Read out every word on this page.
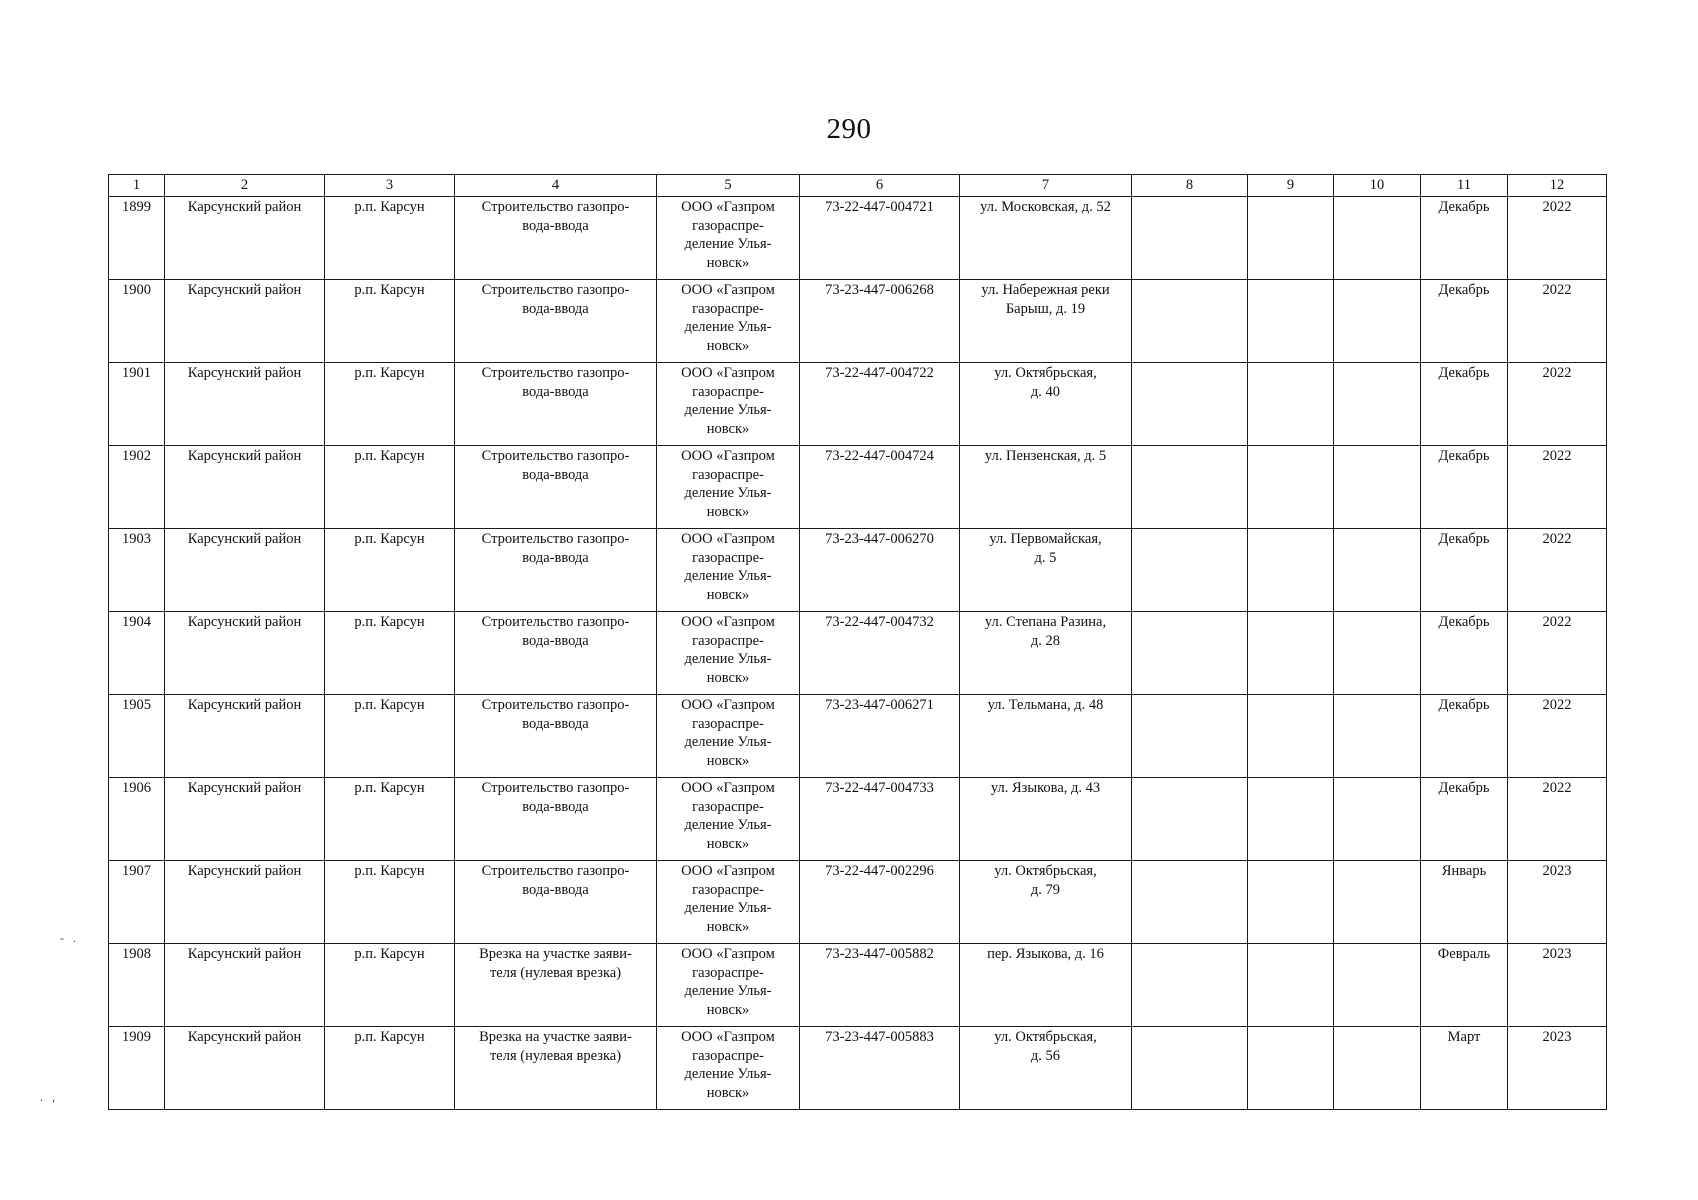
290
1	2	3	4	5	6	7	8	9	10	11	12
1899	Карсунский район	р.п. Карсун	Строительство газопро-
вода-ввода	ООО «Газпром
газораспре-
деление Улья-
новск»	73-22-447-004721	ул. Московская, д. 52				Декабрь	2022
1900	Карсунский район	р.п. Карсун	Строительство газопро-
вода-ввода	ООО «Газпром
газораспре-
деление Улья-
новск»	73-23-447-006268	ул. Набережная реки
Барыш, д. 19				Декабрь	2022
1901	Карсунский район	р.п. Карсун	Строительство газопро-
вода-ввода	ООО «Газпром
газораспре-
деление Улья-
новск»	73-22-447-004722	ул. Октябрьская,
д. 40				Декабрь	2022
1902	Карсунский район	р.п. Карсун	Строительство газопро-
вода-ввода	ООО «Газпром
газораспре-
деление Улья-
новск»	73-22-447-004724	ул. Пензенская, д. 5				Декабрь	2022
1903	Карсунский район	р.п. Карсун	Строительство газопро-
вода-ввода	ООО «Газпром
газораспре-
деление Улья-
новск»	73-23-447-006270	ул. Первомайская,
д. 5				Декабрь	2022
1904	Карсунский район	р.п. Карсун	Строительство газопро-
вода-ввода	ООО «Газпром
газораспре-
деление Улья-
новск»	73-22-447-004732	ул. Степана Разина,
д. 28				Декабрь	2022
1905	Карсунский район	р.п. Карсун	Строительство газопро-
вода-ввода	ООО «Газпром
газораспре-
деление Улья-
новск»	73-23-447-006271	ул. Тельмана, д. 48				Декабрь	2022
1906	Карсунский район	р.п. Карсун	Строительство газопро-
вода-ввода	ООО «Газпром
газораспре-
деление Улья-
новск»	73-22-447-004733	ул. Языкова, д. 43				Декабрь	2022
1907	Карсунский район	р.п. Карсун	Строительство газопро-
вода-ввода	ООО «Газпром
газораспре-
деление Улья-
новск»	73-22-447-002296	ул. Октябрьская,
д. 79				Январь	2023
1908	Карсунский район	р.п. Карсун	Врезка на участке заяви-
теля (нулевая врезка)	ООО «Газпром
газораспре-
деление Улья-
новск»	73-23-447-005882	пер. Языкова, д. 16				Февраль	2023
1909	Карсунский район	р.п. Карсун	Врезка на участке заяви-
теля (нулевая врезка)	ООО «Газпром
газораспре-
деление Улья-
новск»	73-23-447-005883	ул. Октябрьская,
д. 56				Март	2023
-   .
.   ,
